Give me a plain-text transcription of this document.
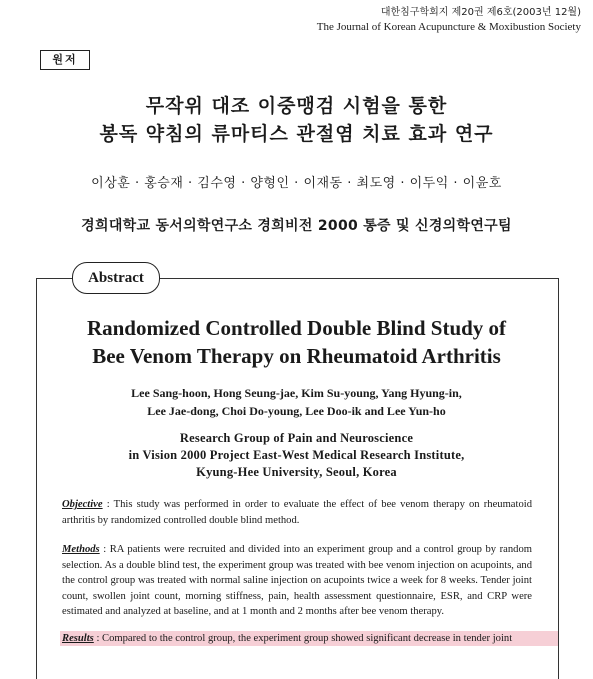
대한침구학회지 제20권 제6호(2003년 12월)
The Journal of Korean Acupuncture & Moxibustion Society
원저
무작위 대조 이중맹검 시험을 통한
봉독 약침의 류마티스 관절염 치료 효과 연구
이상훈 · 홍승재 · 김수영 · 양형인 · 이재동 · 최도영 · 이두익 · 이윤호
경희대학교 동서의학연구소 경희비전 2000 통증 및 신경의학연구팀
Abstract
Randomized Controlled Double Blind Study of
Bee Venom Therapy on Rheumatoid Arthritis
Lee Sang-hoon, Hong Seung-jae, Kim Su-young, Yang Hyung-in,
Lee Jae-dong, Choi Do-young, Lee Doo-ik and Lee Yun-ho
Research Group of Pain and Neuroscience
in Vision 2000 Project East-West Medical Research Institute,
Kyung-Hee University, Seoul, Korea
Objective : This study was performed in order to evaluate the effect of bee venom therapy on rheumatoid arthritis by randomized controlled double blind method.
Methods : RA patients were recruited and divided into an experiment group and a control group by random selection. As a double blind test, the experiment group was treated with bee venom injection on acupoints, and the control group was treated with normal saline injection on acupoints twice a week for 8 weeks. Tender joint count, swollen joint count, morning stiffness, pain, health assessment questionnaire, ESR, and CRP were estimated and analyzed at baseline, and at 1 month and 2 months after bee venom therapy.
Results : Compared to the control group, the experiment group showed significant decrease in tender joint
